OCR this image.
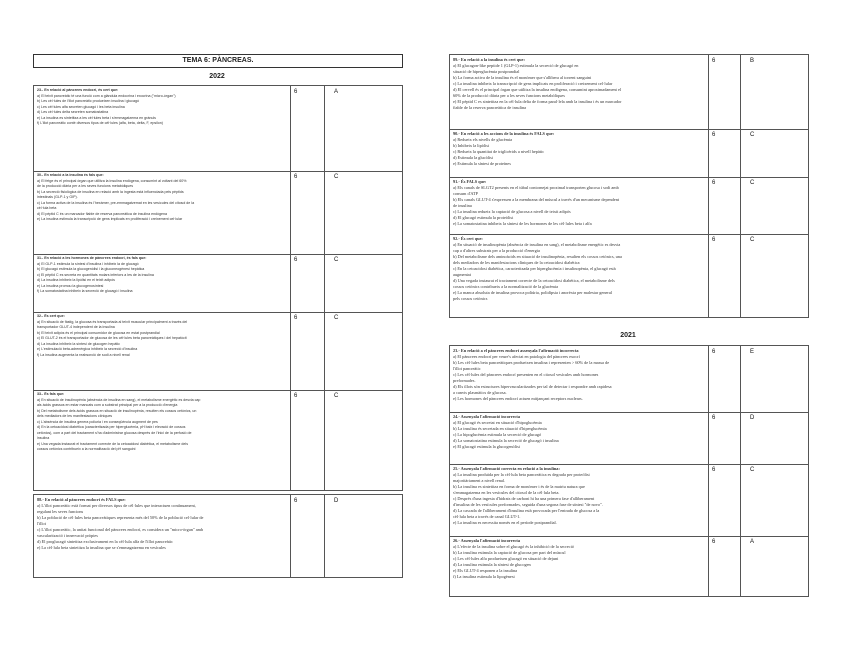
TEMA 6: PÀNCREAS.
2022

23.- En relació al pàncrees endocrí, és cert que:

a) El teixit pancreàtic té una funció com a glàndula endocrina i exocrina ("micro-òrgan")

b) Les cèl·lules de l'illot pancreàtic produeixen insulina i glucagó

c) Les cèl·lules alfa secreten glucagó i les beta insulina

d) Les cèl·lules delta secreten somatostatina

e) La insulina es sintetitza a les cèl·lules beta i s'emmagatzema en grànuls

f) L'illot pancreàtic conté diversos tipus de cèl·lules (alfa, beta, delta, F, epsilon)

6	A

30.- En relació a la insulina és fals que:

a) El fetge és el principal òrgan que utilitza la insulina endògena, consumint al voltant del 60%

de la producció diària per a les seves funcions metabòliques

b) La secreció fisiològica de insulina en relació amb la ingesta està influenciada pels pèptids

intestinals (GLP-1 y GIP).

c) La forma activa de la insulina és l'hexàmer, pre-emmagatzemat en les vesícules del citosol de la

cèl·lula beta

d) El pèptid C és un marcador fiable de reserva pancreàtica de insulina endògena

e) La insulina estimula la transcripció de gens implicats en proliferació i creixement cel·lular

6	C

31.- En relació a les hormones de pàncrees endocrí, és fals que:

a) El GLP-1 estimula la síntesi d'insulina i inhibeix la de glucagó

b) El glucagó estimula la glucogenòlisi i la gluconeogènesi hepàtica

c) El pèptid C es secreta en quantitats molars inferiors a les de la insulina

d) La insulina inhibeix la lipòlisi en el teixit adipós

e) La insulina promou la glucogenosíntesi

f) La somatostatina inhibeix la secreció de glucagó i insulina

6	C

32.- És cert que:

a) En situació de fàstig, la glucosa és transportada al teixit muscular principalment a través del

transportador GLUT-4 independent de la insulina

b) El teixit adipós és el principal consumidor de glucosa en estat postprandial

c) El GLUT-2 és el transportador de glucosa de les cèl·lules beta pancreàtiques i del hepatòcit

d) La insulina inhibeix la síntesi de glucogen hepàtic

e) L'estimulació beta-adrenèrgica inhibeix la secreció d'insulina

f) La insulina augmenta la reabsorció de sodi a nivell renal

6	C

33.- És fals que:

a) En situació de insulinopènia (absència de insulina en sang), el metabolisme energètic es desvia cap

als àcids grassos en estar mancats com a substrat principal per a la producció d'energia

b) Del metabolisme dels àcids grassos en situació de insulinopènia, resulten els cossos cetònics, un

dels mediadors de les manifestacions clíniques

c) L'absència de insulina genera poliuria i en conseqüència augment de pes

d) En la cetoacidosi diabètica (caracteritzada per hiperglucèmia, pH baix i elevació de cossos

cetònics), com a part del tractament s'ha d'administrar glucosa després de l'inici de la perfusió de

insulina

e) Una vegada instaurat el tractament correcte de la cetoacidosi diabètica, el metabolisme dels

cossos cetònics contribueix a la normalització del pH sanguini

6	C

88.- En relació al pàncrees endocrí és FALS que:

a) L'illot pancreàtic està format per diversos tipus de cèl·lules que interactuen contínuament,

regulant les seves funcions

b) La població de cèl·lules beta pancreàtiques representa més del 50% de la població cel·lular de

l'illot

c) L'illot pancreàtic, la unitat funcional del pàncrees endocrí, es considera un "micro-òrgan" amb

vascularització i innervació pròpies

d) El proglucagó sintetitza exclusivament en la cèl·lula alfa de l'illot pancreàtic

e) La cèl·lula beta sintetitza la insulina que se s'emmagatzema en vesícules

6	D

89.- En relació a la insulina és cert que:

a) El glucagon-like peptide 1 (GLP-1) estimula la secreció de glucagó en

situació de hiperglucèmia postprandial

b) La forma activa de la insulina és el monòmer que s'allibera al torrent sanguini

c) La insulina inhibeix la transcripció de gens implicats en proliferació i creixement cel·lular

d) El cervell és el principal òrgan que utilitza la insulina endògena, consumint aproximadament el

60% de la producció diària per a les seves funcions metabòliques

e) El pèptid C es sintetitza en la cèl·lula delta de forma paral·lela amb la insulina i és un marcador

fiable de la reserva pancreàtica de insulina

6	B

90.- En relació a les accions de la insulina és FALS que:

a) Redueix els nivells de glucèmia

b) Inhibeix la lipòlisi

c) Redueix la quantitat de triglicèrids a nivell hepàtic

d) Estimula la glucòlisi

e) Estimula la síntesi de proteïnes

6	C

91.- És FALS que:

a) Els canals de SLGT2 presents en el túbul contornejat proximal transporten glucosa i sodi amb

consum d'ATP

b) Els canals GLUT-4 s'expressen a la membrana del múscul a través d'un mecanisme dependent

de insulina

c) La insulina redueix la captació de glucosa a nivell de teixit adipós

d) El glucagó estimula la proteòlisi

e) La somatostatina inhibeix la síntesi de les hormones de les cèl·lules beta i alfa

6	C

92.- És cert que:

a) En situació de insulinopènia (absència de insulina en sang), el metabolisme energètic es desvia

cap a d'altres substrats per a la producció d'energia

b) Del metabolisme dels aminoàcids en situació de insulinopènia, resulten els cossos cetònics, una

dels mediadors de les manifestacions clíniques de la cetoacidosi diabètica

c) En la cetoacidosi diabètica, caracteritzada per hiperglucèmia i insulinopènia, el glucagó està

augmentat

d) Una vegada instaurat el tractament correcte de la cetoacidosi diabètica, el metabolisme dels

cossos cetònics contribueix a la normalització de la glucèmia

e) La manca absoluta de insulina provoca poliúria, polidípsia i anorèxia per malestar general

pels cossos cetònics

6	C
2021

23.- En relació a el pàncrees endocrí assenyala l'afirmació incorrecta

a) El pàncrees endocrí per veure's afectat en patologia del pàncrees exocrí

b) Les cèl·lules beta pancreàtiques produeixen insulina i representen > 60% de la massa de

l'illot pancreàtic

c) Les cèl·lules del pàncrees endocrí presenten en el citosol vesícules amb hormones

preformades.

d) Els illots són estructures hipervascularitzades per tal de detectar i respondre amb rapidesa

a canvis plasmàtics de glucosa.

e) Les hormones del pàncrees endocrí actuen mitjançant receptors nuclears.

6	E

24.- Assenyala l'afirmació incorrecta

a) El glucagó és secretat en situació d'hipoglucèmia

b) La insulina és secretada en situació d'hiperglucèmia

c) La hipoglucèmia estimula la secreció de glucagó

d) La somatostatina estimula la secreció de glucagó i insulina

e) El glucagó estimula la glucogenòlisi

6	D

25.- Assenyala l'afirmació correcta en relació a la insulina:

a) La insulina produïda per la cèl·lula beta pancreàtica es degrada per proteòlisi

majoritàriament a nivell renal.

b) La insulina es sintetitza en forma de monòmer i és de la matriu natura que

s'emmagatzema en les vesícules del citosol de la cèl·lula beta.

c) Després d'una ingesta d'hidrats de carboni hi ha una primera fase d'alliberament

d'insulina de les vesícules preformades, seguida d'una segona fase de síntesi "de novo".

d) La cascada de l'alliberament d'insulina està provocada per l'entrada de glucosa a la

cèl·lula beta a través de canal GLUT-1.

e) La insulina es necessita només en el període postprandial.

6	C

26.- Assenyala l'afirmació incorrecta

a) L'efecte de la insulina sobre el glucagó és la inhibició de la secreció

b) La insulina estimula la captació de glucosa per part del múscul

c) Les cèl·lules alfa produeixen glucagó en situació de dejuni

d) La insulina estimula la síntesi de glucogen

e) Els GLUT-4 responen a la insulina

f) La insulina estimula la lipogènesi

6	A
